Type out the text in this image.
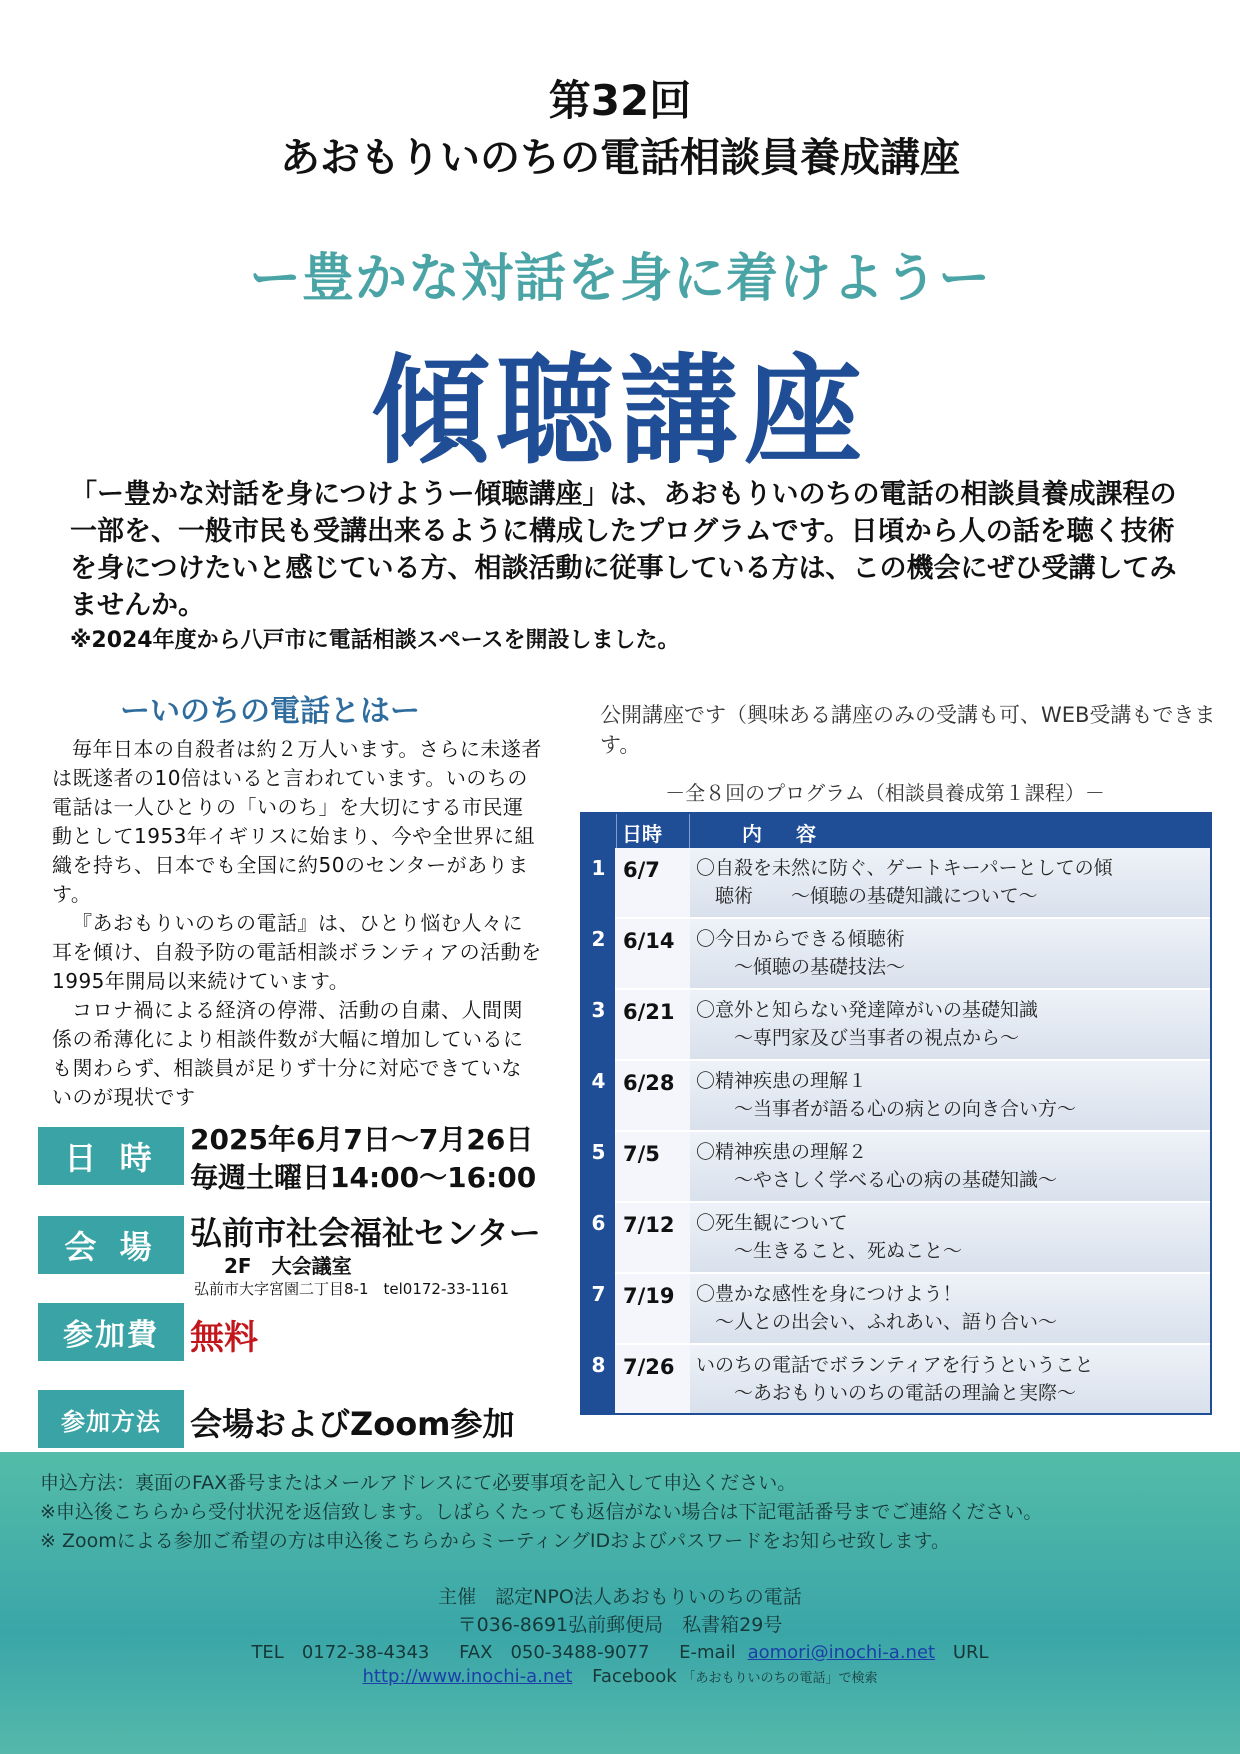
第32回
あおもりいのちの電話相談員養成講座
ー豊かな対話を身に着けようー
傾聴講座

「ー豊かな対話を身につけようー傾聴講座」は、あおもりいのちの電話の相談員養成課程の一部を、一般市民も受講出来るように構成したプログラムです。日頃から人の話を聴く技術を身につけたいと感じている方、相談活動に従事している方は、この機会にぜひ受講してみませんか。

※2024年度から八戸市に電話相談スペースを開設しました。

ーいのちの電話とはー

毎年日本の自殺者は約２万人います。さらに未遂者は既遂者の10倍はいると言われています。いのちの電話は一人ひとりの「いのち」を大切にする市民運動として1953年イギリスに始まり、今や全世界に組織を持ち、日本でも全国に約50のセンターがあります。

『あおもりいのちの電話』は、ひとり悩む人々に耳を傾け、自殺予防の電話相談ボランティアの活動を1995年開局以来続けています。

コロナ禍による経済の停滞、活動の自粛、人間関係の希薄化により相談件数が大幅に増加しているにも関わらず、相談員が足りず十分に対応できていないのが現状です

日 時	2025年6月7日～7月26日
毎週土曜日14:00～16:00
会 場	弘前市社会福祉センター
2F　大会議室
弘前市大字宮園二丁目8-1　tel0172-33-1161
参加費 無料
参加方法 会場およびZoom参加
公開講座です（興味ある講座のみの受講も可、WEB受講もできます。
－全８回のプログラム（相談員養成第１課程）－
日時	内容
1 6/7	〇自殺を未然に防ぐ、ゲートキーパーとしての傾
聴術　　～傾聴の基礎知識について～
2 6/14	〇今日からできる傾聴術
～傾聴の基礎技法～
3 6/21	〇意外と知らない発達障がいの基礎知識
～専門家及び当事者の視点から～
4 6/28	〇精神疾患の理解１
～当事者が語る心の病との向き合い方～
5 7/5	〇精神疾患の理解２
～やさしく学べる心の病の基礎知識～
6 7/12	〇死生観について
～生きること、死ぬこと～
7 7/19	〇豊かな感性を身につけよう！
～人との出会い、ふれあい、語り合い～
8 7/26	いのちの電話でボランティアを行うということ
～あおもりいのちの電話の理論と実際～
申込方法：裏面のFAX番号またはメールアドレスにて必要事項を記入して申込ください。
※申込後こちらから受付状況を返信致します。しばらくたっても返信がない場合は下記電話番号までご連絡ください。
※ Zoomによる参加ご希望の方は申込後こちらからミーティングIDおよびパスワードをお知らせ致します。
主催　認定NPO法人あおもりいのちの電話
〒036-8691弘前郵便局　私書箱29号
TEL　0172-38-4343 FAX　050-3488-9077 E-mail aomori@inochi-a.net URL
http://www.inochi-a.net Facebook 「あおもりいのちの電話」で検索
